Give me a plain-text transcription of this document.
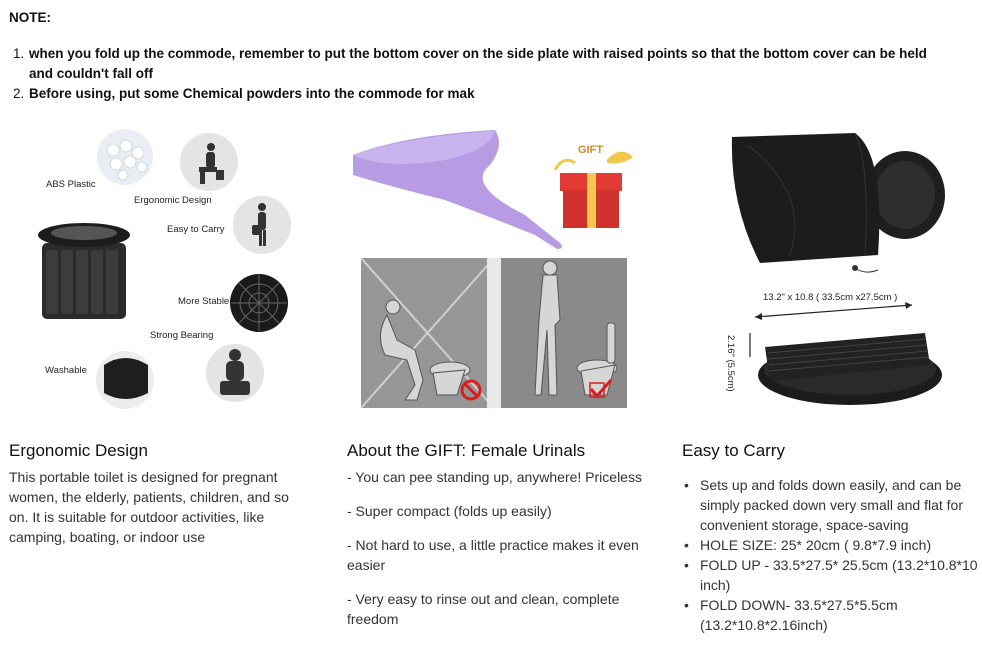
NOTE:
1. when you fold up the commode, remember to put the bottom cover on the side plate with raised points so that the bottom cover can be held
and couldn't fall off
2. Before using, put some Chemical powders into the commode for mak
ABS Plastic
Ergonomic Design
Easy to Carry
More Stable
Strong Bearing
Washable
GIFT
13.2" x 10.8 ( 33.5cm x27.5cm )
2.16" (5.5cm)
Ergonomic Design
This portable toilet is designed for pregnant women, the elderly, patients, children, and so on. It is suitable for outdoor activities, like camping, boating, or indoor use
About the GIFT: Female Urinals

- You can pee standing up, anywhere! Priceless

- Super compact (folds up easily)

- Not hard to use, a little practice makes it even easier

- Very easy to rinse out and clean, complete freedom

Easy to Carry
• Sets up and folds down easily, and can be simply packed down very small and flat for convenient storage, space-saving
• HOLE SIZE: 25* 20cm ( 9.8*7.9 inch)
• FOLD UP - 33.5*27.5* 25.5cm (13.2*10.8*10 inch)
• FOLD DOWN- 33.5*27.5*5.5cm (13.2*10.8*2.16inch)
